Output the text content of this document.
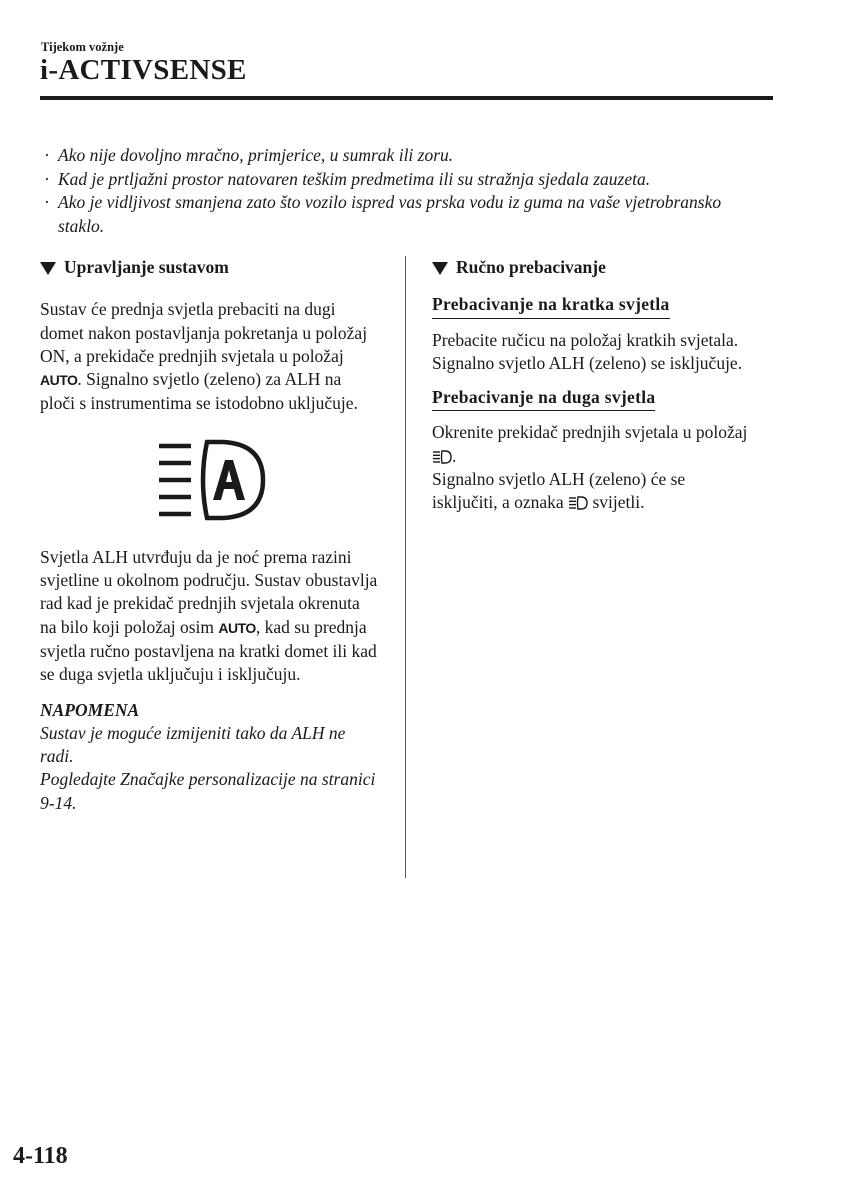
Tijekom vožnje
i-ACTIVSENSE
· Ako nije dovoljno mračno, primjerice, u sumrak ili zoru.
· Kad je prtljažni prostor natovaren teškim predmetima ili su stražnja sjedala zauzeta.
· Ako je vidljivost smanjena zato što vozilo ispred vas prska vodu iz guma na vaše vjetrobransko staklo.
Upravljanje sustavom

Sustav će prednja svjetla prebaciti na dugi domet nakon postavljanja pokretanja u položaj ON, a prekidače prednjih svjetala u položaj AUTO. Signalno svjetlo (zeleno) za ALH na ploči s instrumentima se istodobno uključuje.

Svjetla ALH utvrđuju da je noć prema razini svjetline u okolnom području. Sustav obustavlja rad kad je prekidač prednjih svjetala okrenuta na bilo koji položaj osim AUTO, kad su prednja svjetla ručno postavljena na kratki domet ili kad se duga svjetla uključuju i isključuju.

NAPOMENA

Sustav je moguće izmijeniti tako da ALH ne radi.

Pogledajte Značajke personalizacije na stranici 9-14.

Ručno prebacivanje
Prebacivanje na kratka svjetla

Prebacite ručicu na položaj kratkih svjetala.

Signalno svjetlo ALH (zeleno) se isključuje.

Prebacivanje na duga svjetla

Okrenite prekidač prednjih svjetala u položaj .

Signalno svjetlo ALH (zeleno) će se isključiti, a oznaka  svijetli.

4-118
